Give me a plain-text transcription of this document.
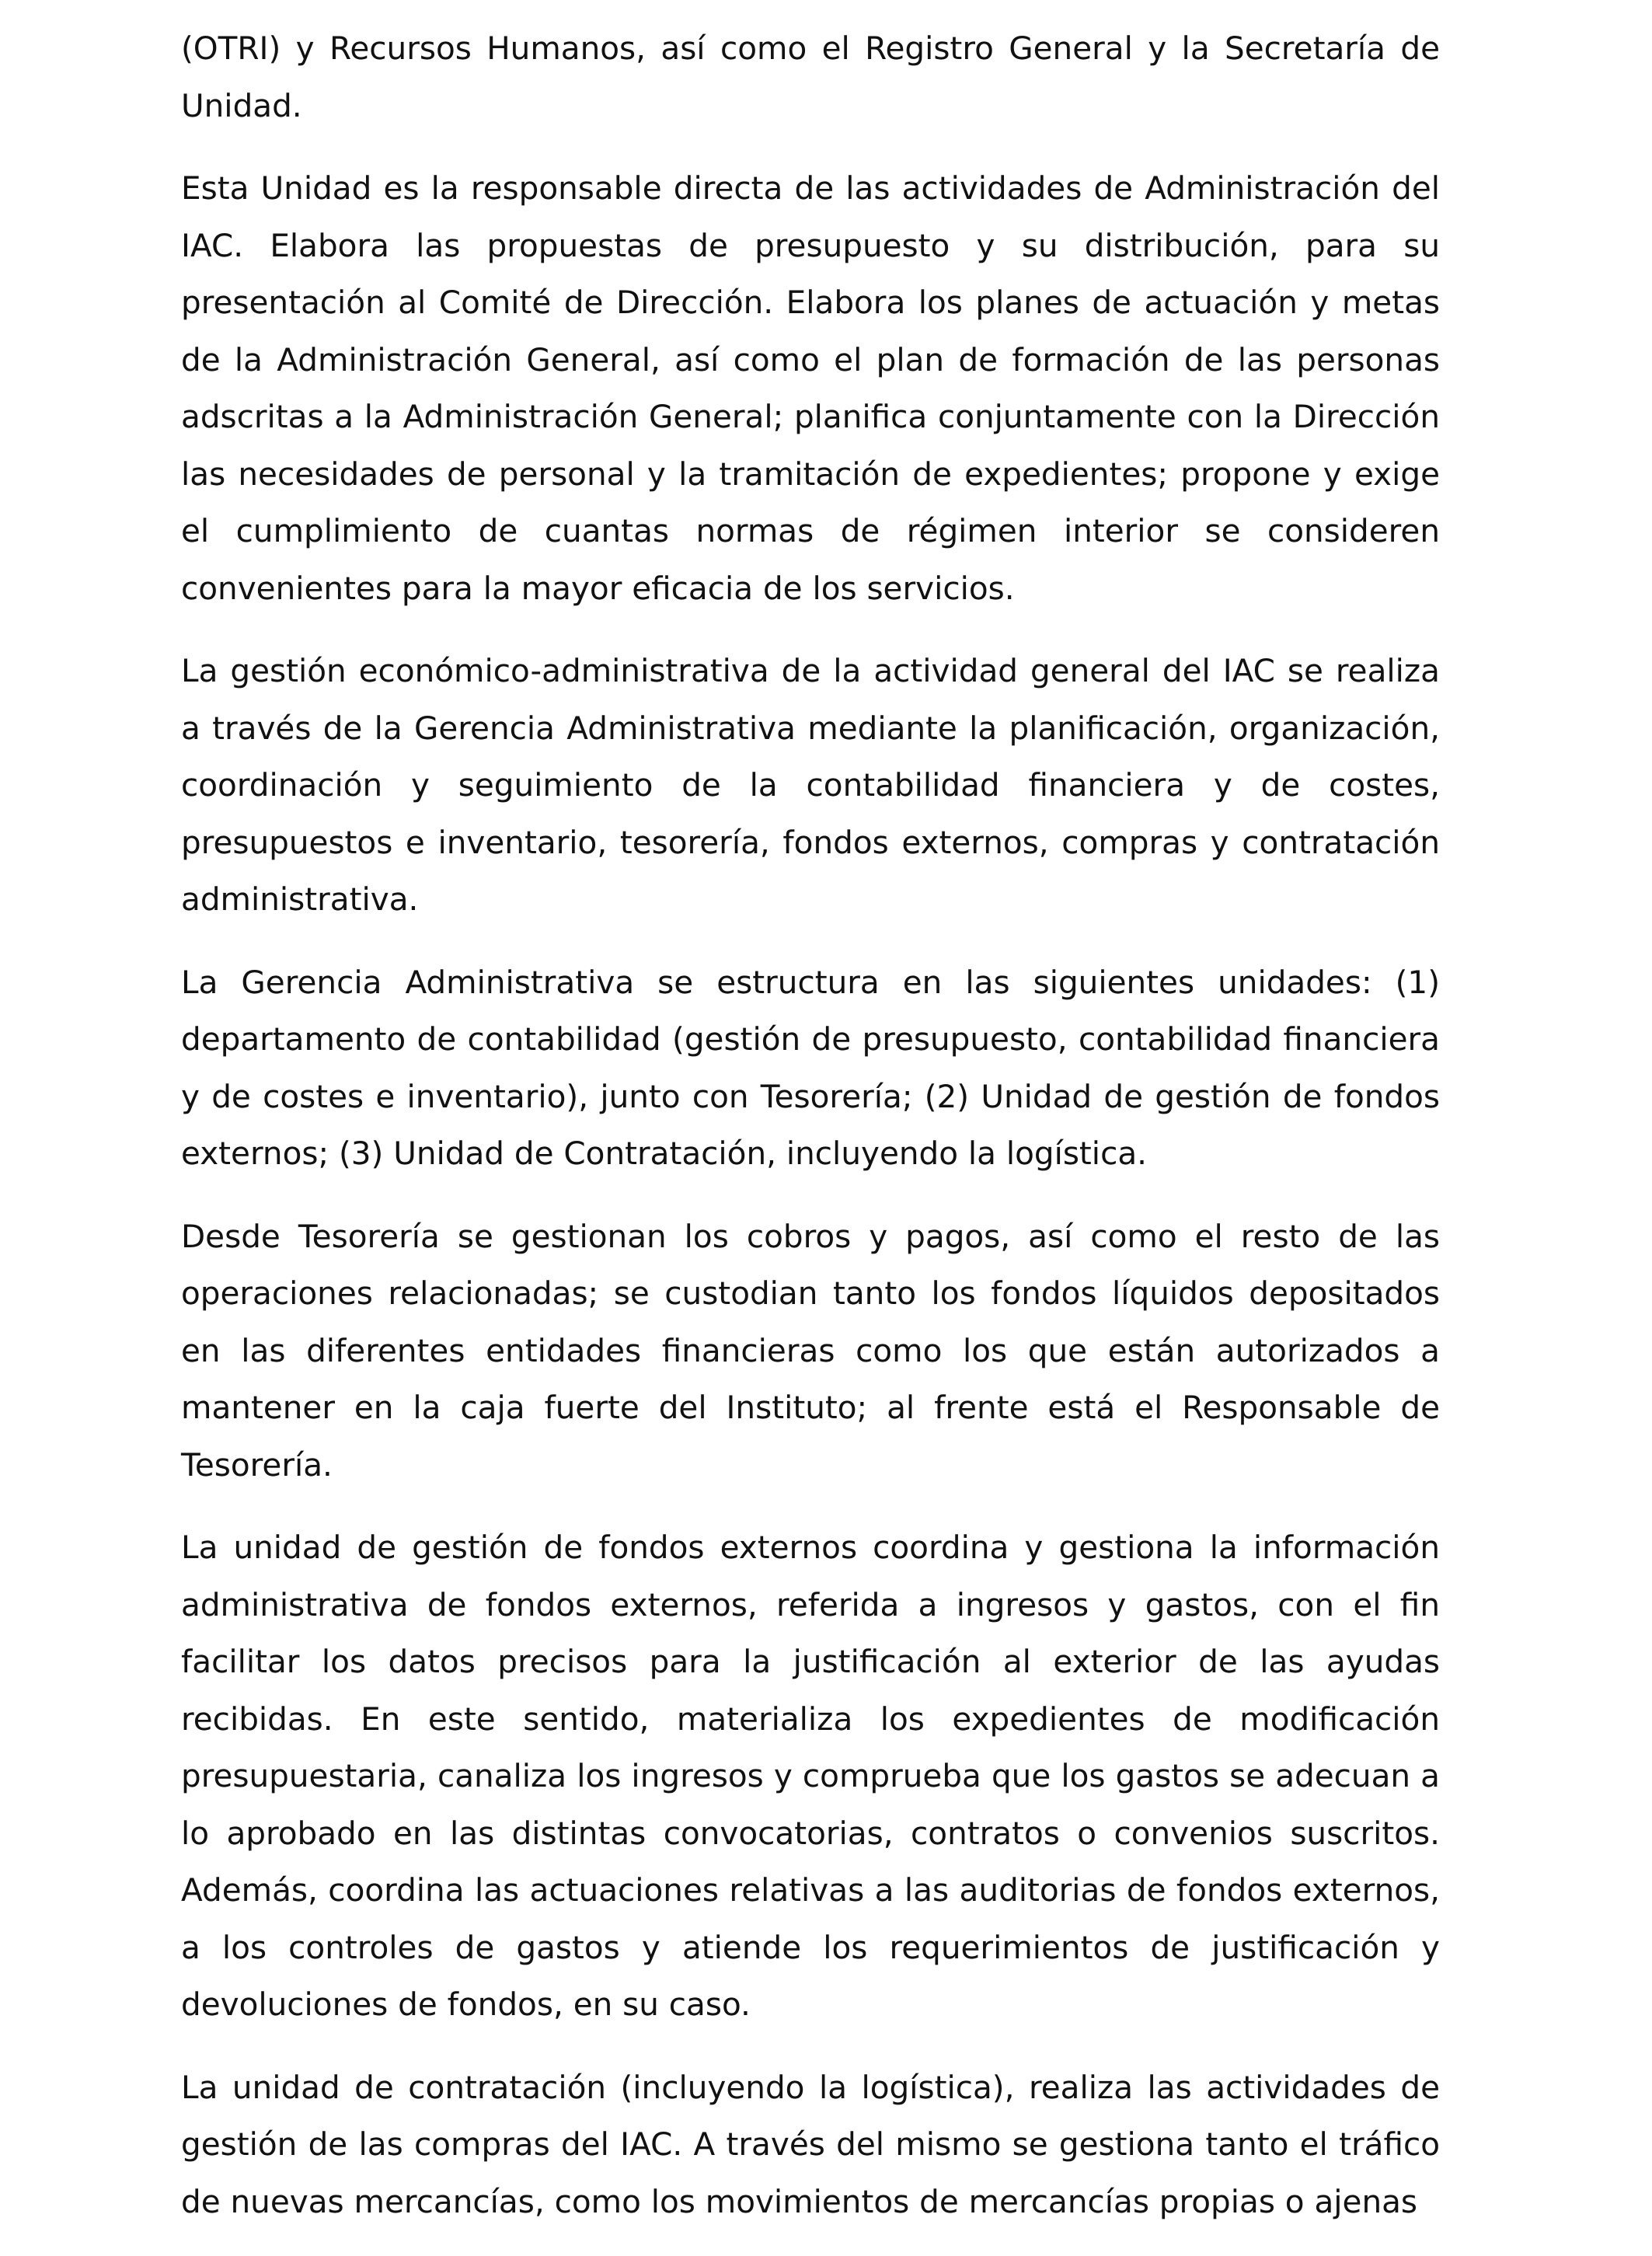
(OTRI) y Recursos Humanos, así como el Registro General y la Secretaría de Unidad.

Esta Unidad es la responsable directa de las actividades de Administración del IAC. Elabora las propuestas de presupuesto y su distribución, para su presentación al Comité de Dirección. Elabora los planes de actuación y metas de la Administración General, así como el plan de formación de las personas adscritas a la Administración General; planifica conjuntamente con la Dirección las necesidades de personal y la tramitación de expedientes; propone y exige el cumplimiento de cuantas normas de régimen interior se consideren convenientes para la mayor eficacia de los servicios.

La gestión económico-administrativa de la actividad general del IAC se realiza a través de la Gerencia Administrativa mediante la planificación, organización, coordinación y seguimiento de la contabilidad financiera y de costes, presupuestos e inventario, tesorería, fondos externos, compras y contratación administrativa.

La Gerencia Administrativa se estructura en las siguientes unidades: (1) departamento de contabilidad (gestión de presupuesto, contabilidad financiera y de costes e inventario), junto con Tesorería; (2) Unidad de gestión de fondos externos; (3) Unidad de Contratación, incluyendo la logística.

Desde Tesorería se gestionan los cobros y pagos, así como el resto de las operaciones relacionadas; se custodian tanto los fondos líquidos depositados en las diferentes entidades financieras como los que están autorizados a mantener en la caja fuerte del Instituto; al frente está el Responsable de Tesorería.

La unidad de gestión de fondos externos coordina y gestiona la información administrativa de fondos externos, referida a ingresos y gastos, con el fin facilitar los datos precisos para la justificación al exterior de las ayudas recibidas. En este sentido, materializa los expedientes de modificación presupuestaria, canaliza los ingresos y comprueba que los gastos se adecuan a lo aprobado en las distintas convocatorias, contratos o convenios suscritos. Además, coordina las actuaciones relativas a las auditorias de fondos externos, a los controles de gastos y atiende los requerimientos de justificación y devoluciones de fondos, en su caso.

La unidad de contratación (incluyendo la logística), realiza las actividades de gestión de las compras del IAC. A través del mismo se gestiona tanto el tráfico de nuevas mercancías, como los movimientos de mercancías propias o ajenas
